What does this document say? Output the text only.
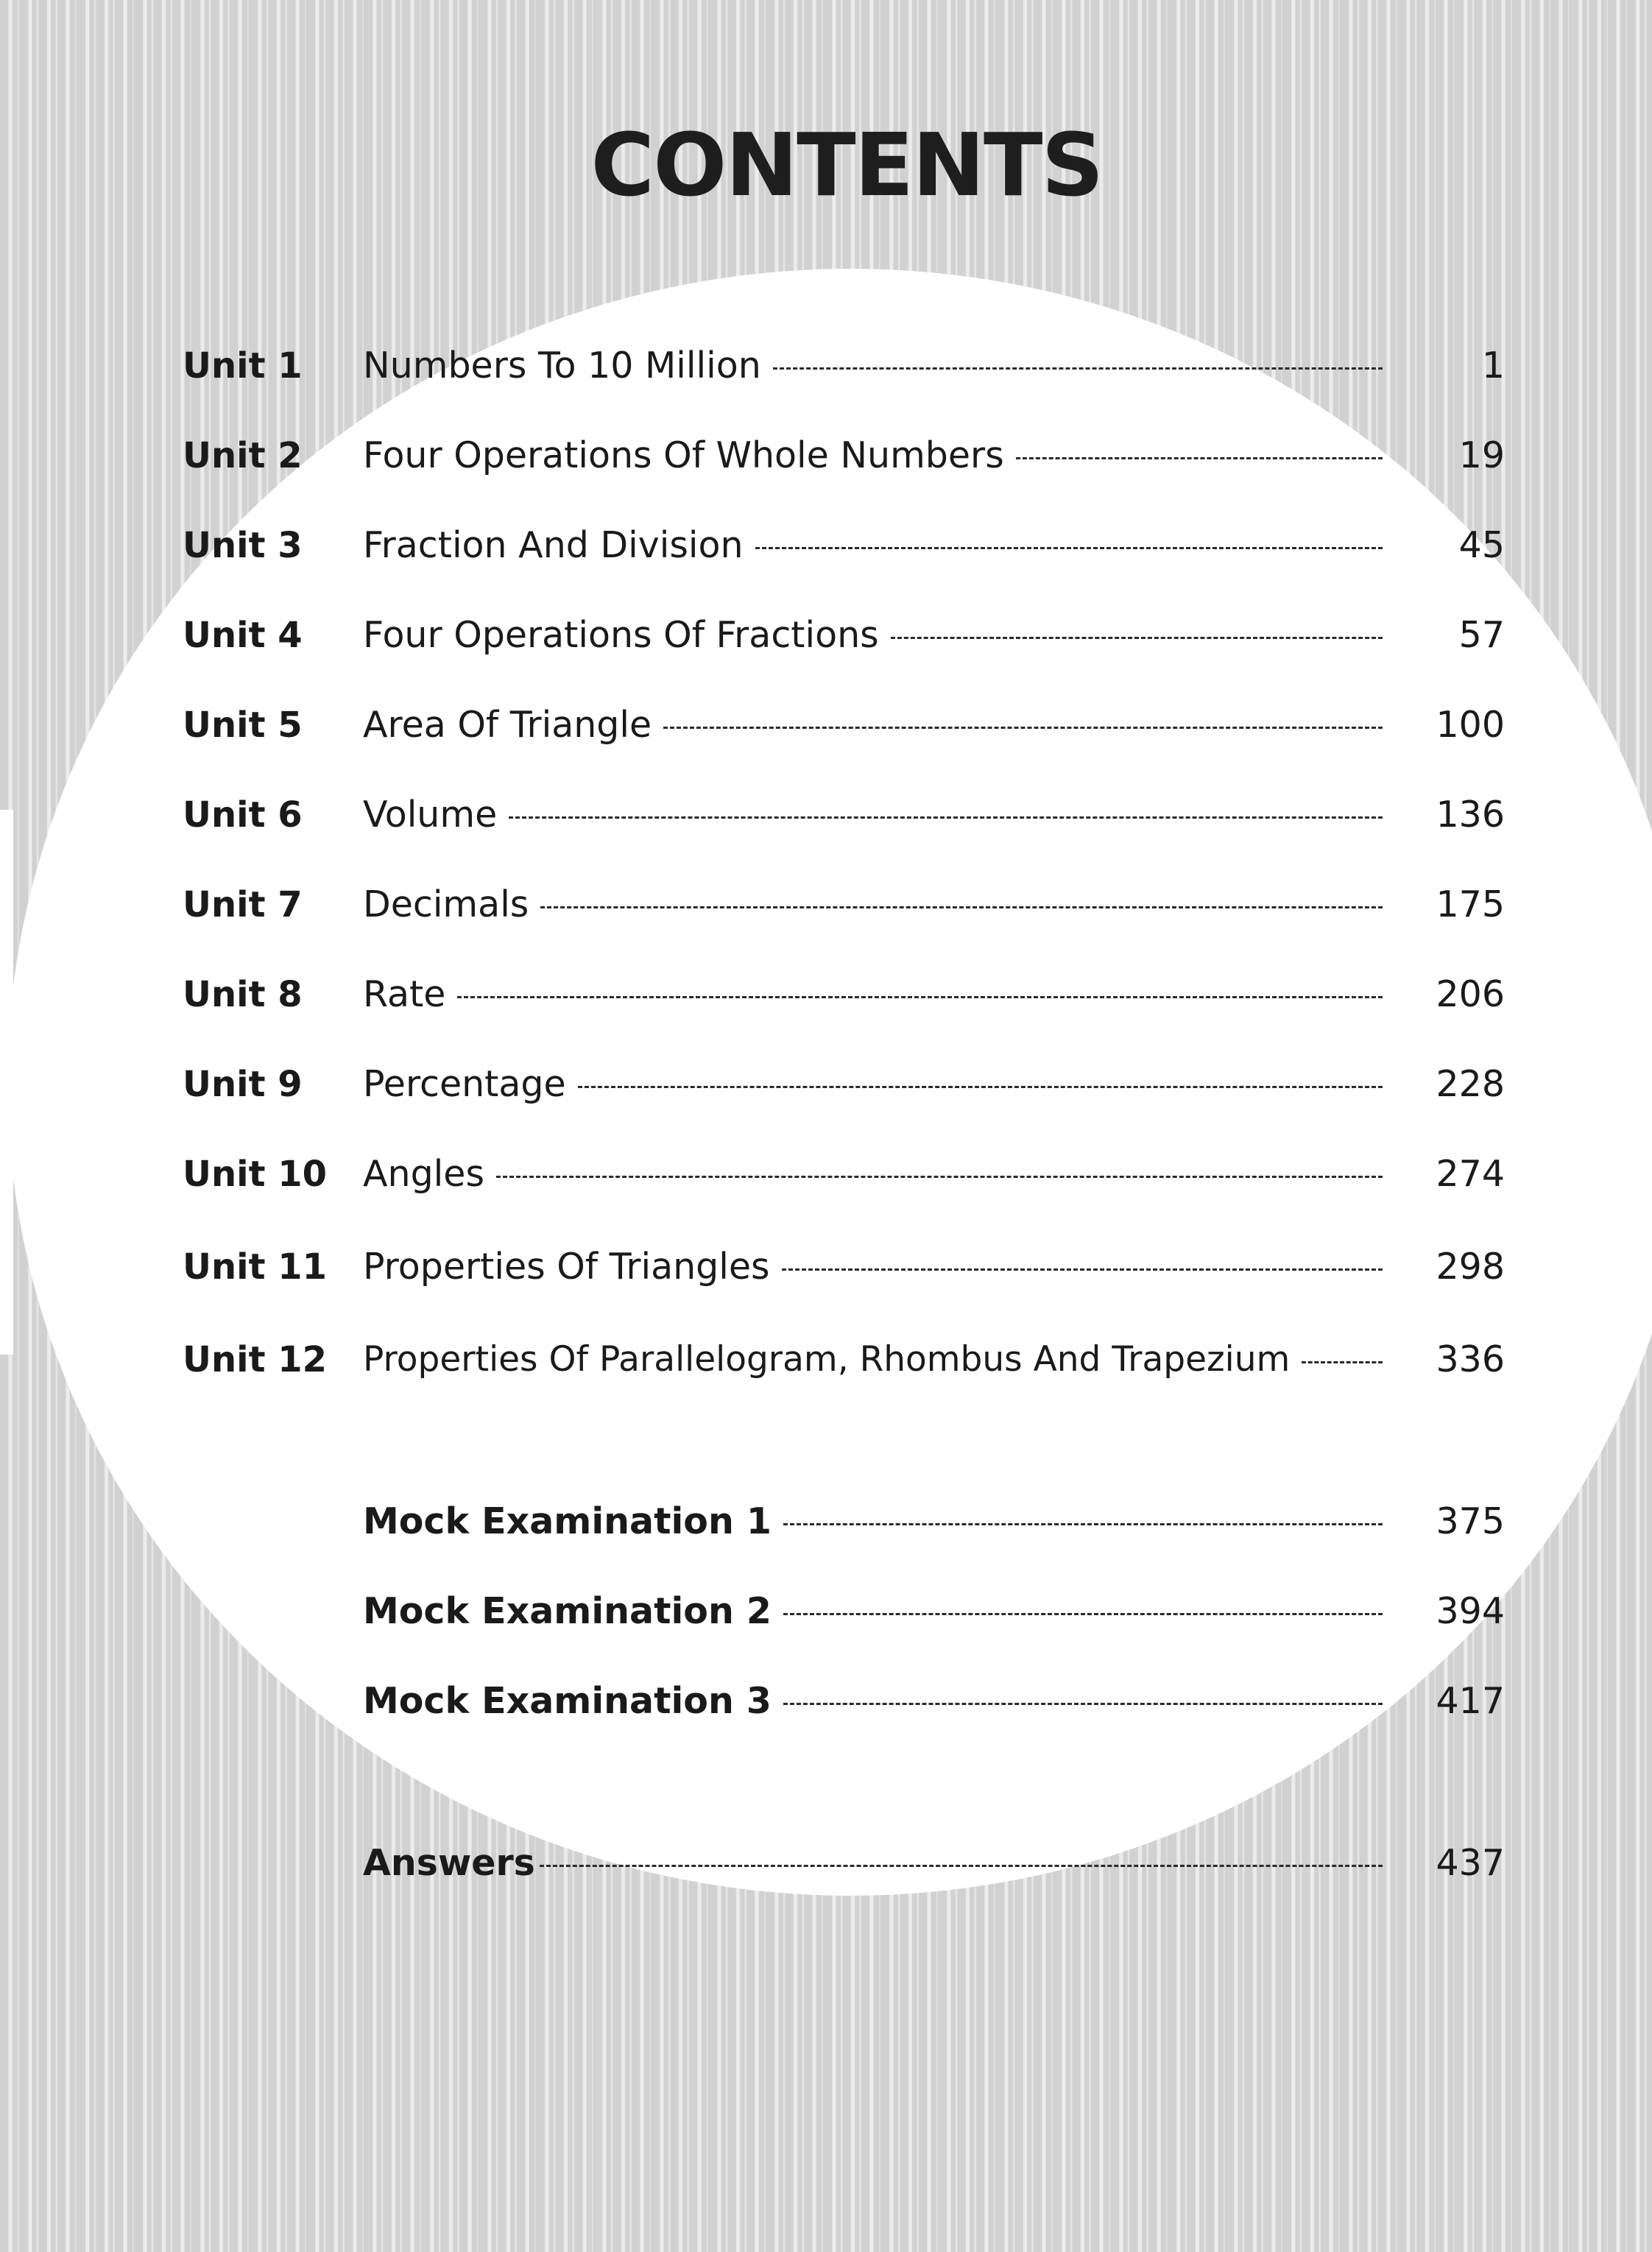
CONTENTS
Unit 1 Numbers To 10 Million	1
Unit 2 Four Operations Of Whole Numbers	19
Unit 3 Fraction And Division	45
Unit 4 Four Operations Of Fractions	57
Unit 5 Area Of Triangle	100
Unit 6 Volume	136
Unit 7 Decimals	175
Unit 8 Rate	206
Unit 9 Percentage	228
Unit 10 Angles	274
Unit 11 Properties Of Triangles	298
Unit 12 Properties Of Parallelogram, Rhombus And Trapezium	336
Mock Examination 1	375
Mock Examination 2	394
Mock Examination 3	417
Answers	437
